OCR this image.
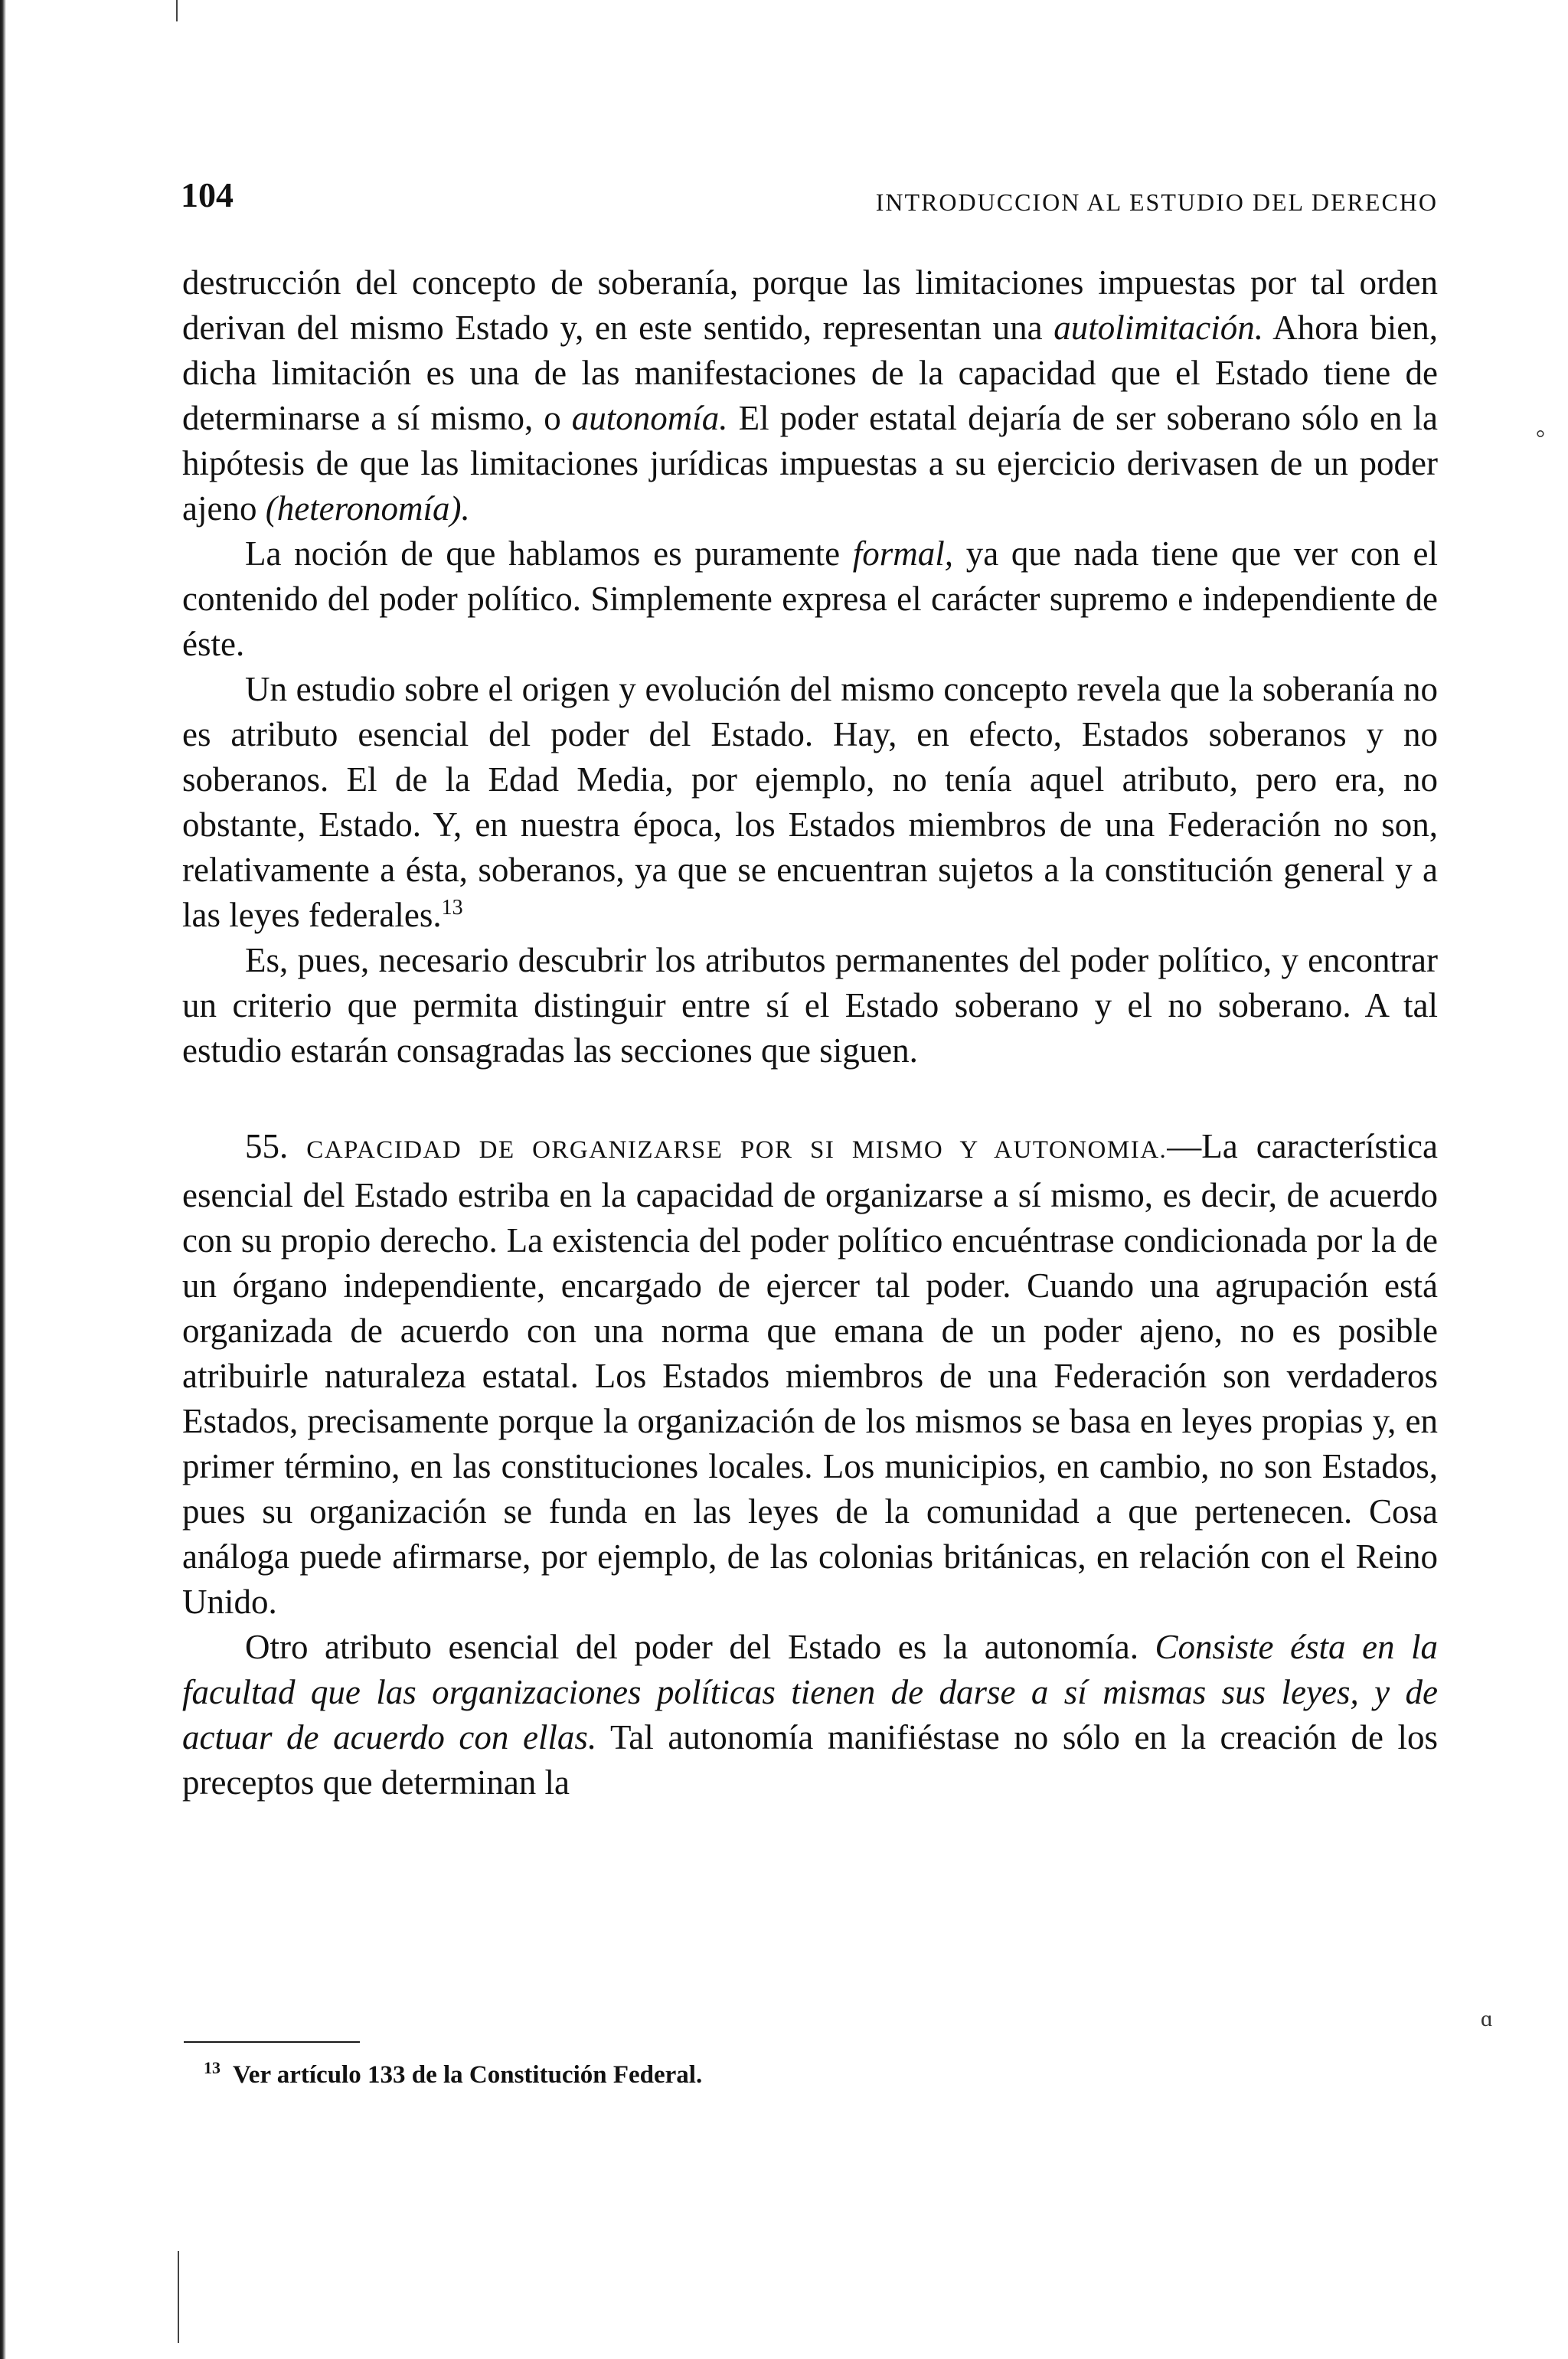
104	INTRODUCCION AL ESTUDIO DEL DERECHO

destrucción del concepto de soberanía, porque las limitaciones impuestas por tal orden derivan del mismo Estado y, en este sentido, representan una autolimitación. Ahora bien, dicha limitación es una de las manifestaciones de la capacidad que el Estado tiene de determinarse a sí mismo, o autonomía. El poder estatal dejaría de ser soberano sólo en la hipótesis de que las limitaciones jurídicas impuestas a su ejercicio derivasen de un poder ajeno (heteronomía).

La noción de que hablamos es puramente formal, ya que nada tiene que ver con el contenido del poder político. Simplemente expresa el carácter supremo e independiente de éste.

Un estudio sobre el origen y evolución del mismo concepto revela que la soberanía no es atributo esencial del poder del Estado. Hay, en efecto, Estados soberanos y no soberanos. El de la Edad Media, por ejemplo, no tenía aquel atributo, pero era, no obstante, Estado. Y, en nuestra época, los Estados miembros de una Federación no son, relativamente a ésta, soberanos, ya que se encuentran sujetos a la constitución general y a las leyes federales.$^{13}$

Es, pues, necesario descubrir los atributos permanentes del poder político, y encontrar un criterio que permita distinguir entre sí el Estado soberano y el no soberano. A tal estudio estarán consagradas las secciones que siguen.

55. CAPACIDAD DE ORGANIZARSE POR SI MISMO Y AUTONOMIA.—La característica esencial del Estado estriba en la capacidad de organizarse a sí mismo, es decir, de acuerdo con su propio derecho. La existencia del poder político encuéntrase condicionada por la de un órgano independiente, encargado de ejercer tal poder. Cuando una agrupación está organizada de acuerdo con una norma que emana de un poder ajeno, no es posible atribuirle naturaleza estatal. Los Estados miembros de una Federación son verdaderos Estados, precisamente porque la organización de los mismos se basa en leyes propias y, en primer término, en las constituciones locales. Los municipios, en cambio, no son Estados, pues su organización se funda en las leyes de la comunidad a que pertenecen. Cosa análoga puede afirmarse, por ejemplo, de las colonias británicas, en relación con el Reino Unido.

Otro atributo esencial del poder del Estado es la autonomía. Consiste ésta en la facultad que las organizaciones políticas tienen de darse a sí mismas sus leyes, y de actuar de acuerdo con ellas. Tal autonomía manifiéstase no sólo en la creación de los preceptos que determinan la

$^{13}$ Ver artículo 133 de la Constitución Federal.
°
ɑ
